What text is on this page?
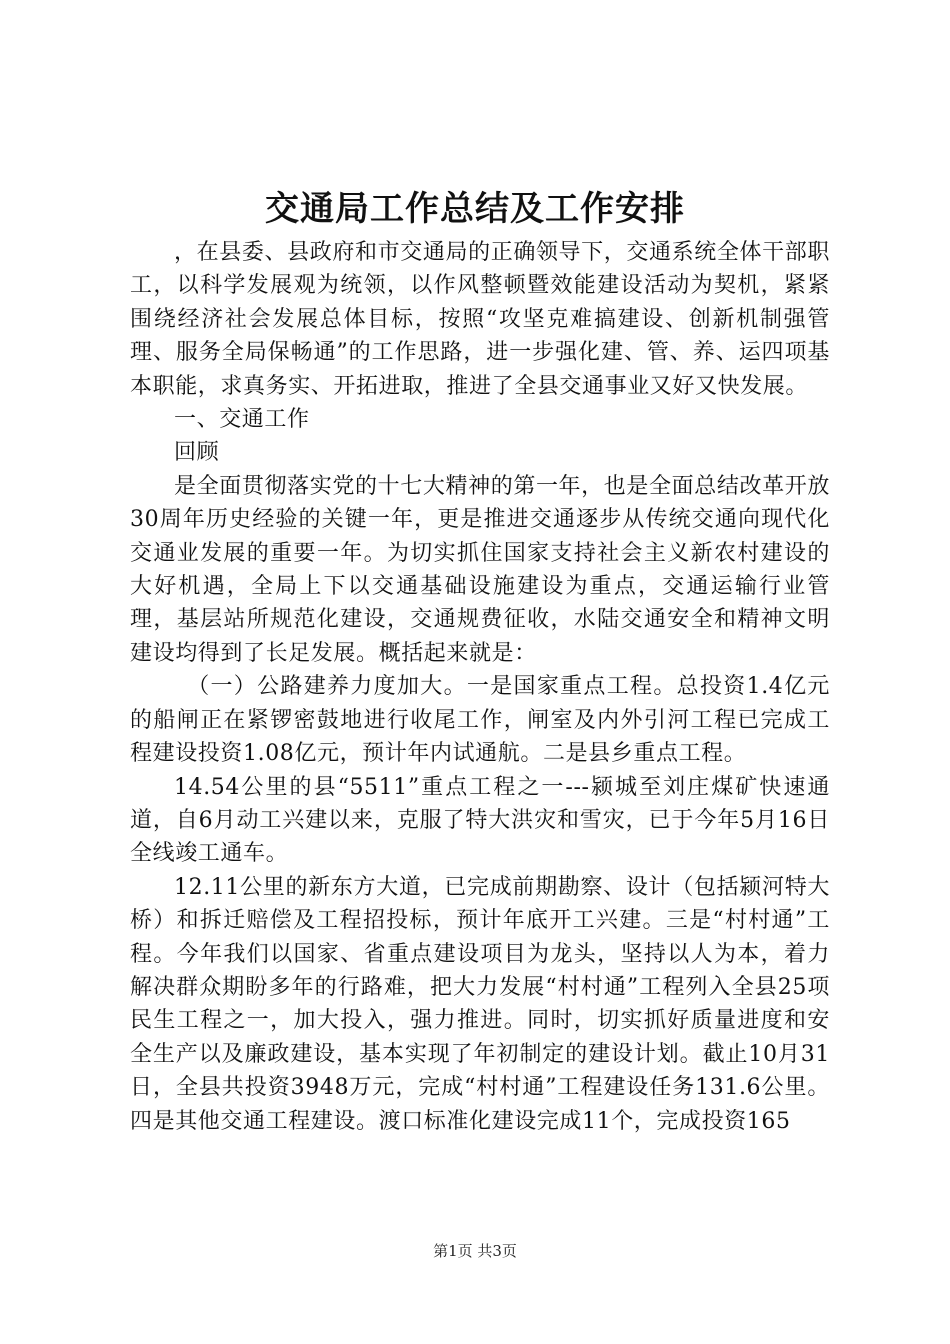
交通局工作总结及工作安排

，在县委、县政府和市交通局的正确领导下，交通系统全体干部职工，以科学发展观为统领，以作风整顿暨效能建设活动为契机，紧紧围绕经济社会发展总体目标，按照“攻坚克难搞建设、创新机制强管理、服务全局保畅通”的工作思路，进一步强化建、管、养、运四项基本职能，求真务实、开拓进取，推进了全县交通事业又好又快发展。

一、交通工作

回顾

是全面贯彻落实党的十七大精神的第一年，也是全面总结改革开放30周年历史经验的关键一年，更是推进交通逐步从传统交通向现代化交通业发展的重要一年。为切实抓住国家支持社会主义新农村建设的大好机遇，全局上下以交通基础设施建设为重点，交通运输行业管理，基层站所规范化建设，交通规费征收，水陆交通安全和精神文明建设均得到了长足发展。概括起来就是：

（一）公路建养力度加大。一是国家重点工程。总投资1.4亿元的船闸正在紧锣密鼓地进行收尾工作，闸室及内外引河工程已完成工程建设投资1.08亿元，预计年内试通航。二是县乡重点工程。

14.54公里的县“5511”重点工程之一---颍城至刘庄煤矿快速通道，自6月动工兴建以来，克服了特大洪灾和雪灾，已于今年5月16日全线竣工通车。

12.11公里的新东方大道，已完成前期勘察、设计（包括颍河特大桥）和拆迁赔偿及工程招投标，预计年底开工兴建。三是“村村通”工程。今年我们以国家、省重点建设项目为龙头，坚持以人为本，着力解决群众期盼多年的行路难，把大力发展“村村通”工程列入全县25项民生工程之一，加大投入，强力推进。同时，切实抓好质量进度和安全生产以及廉政建设，基本实现了年初制定的建设计划。截止10月31日，全县共投资3948万元，完成“村村通”工程建设任务131.6公里。四是其他交通工程建设。渡口标准化建设完成11个，完成投资165

第1页 共3页
